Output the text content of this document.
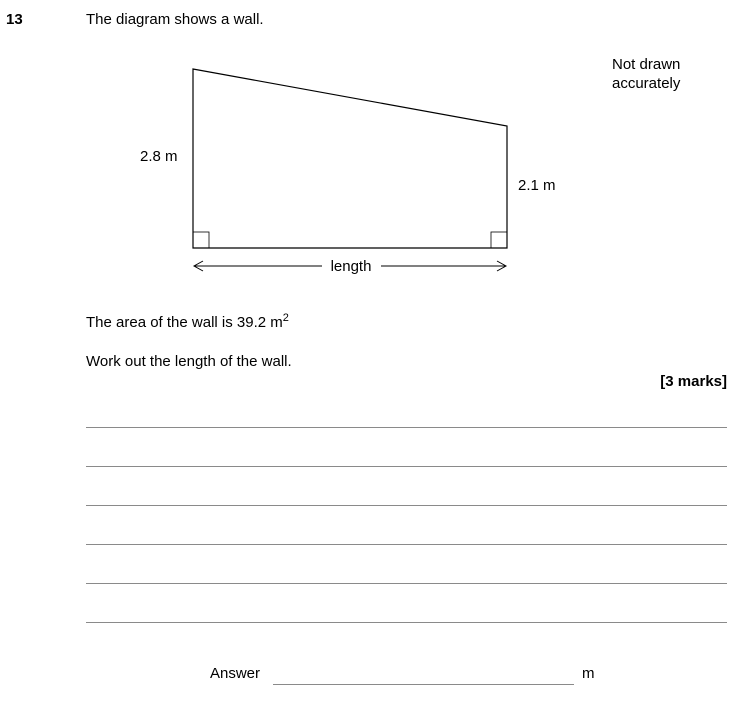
13	The diagram shows a wall.
Not drawn
accurately
2.8 m
2.1 m
length
The area of the wall is 39.2 $m^2$
Work out the length of the wall.
[3 marks]
Answer	m
